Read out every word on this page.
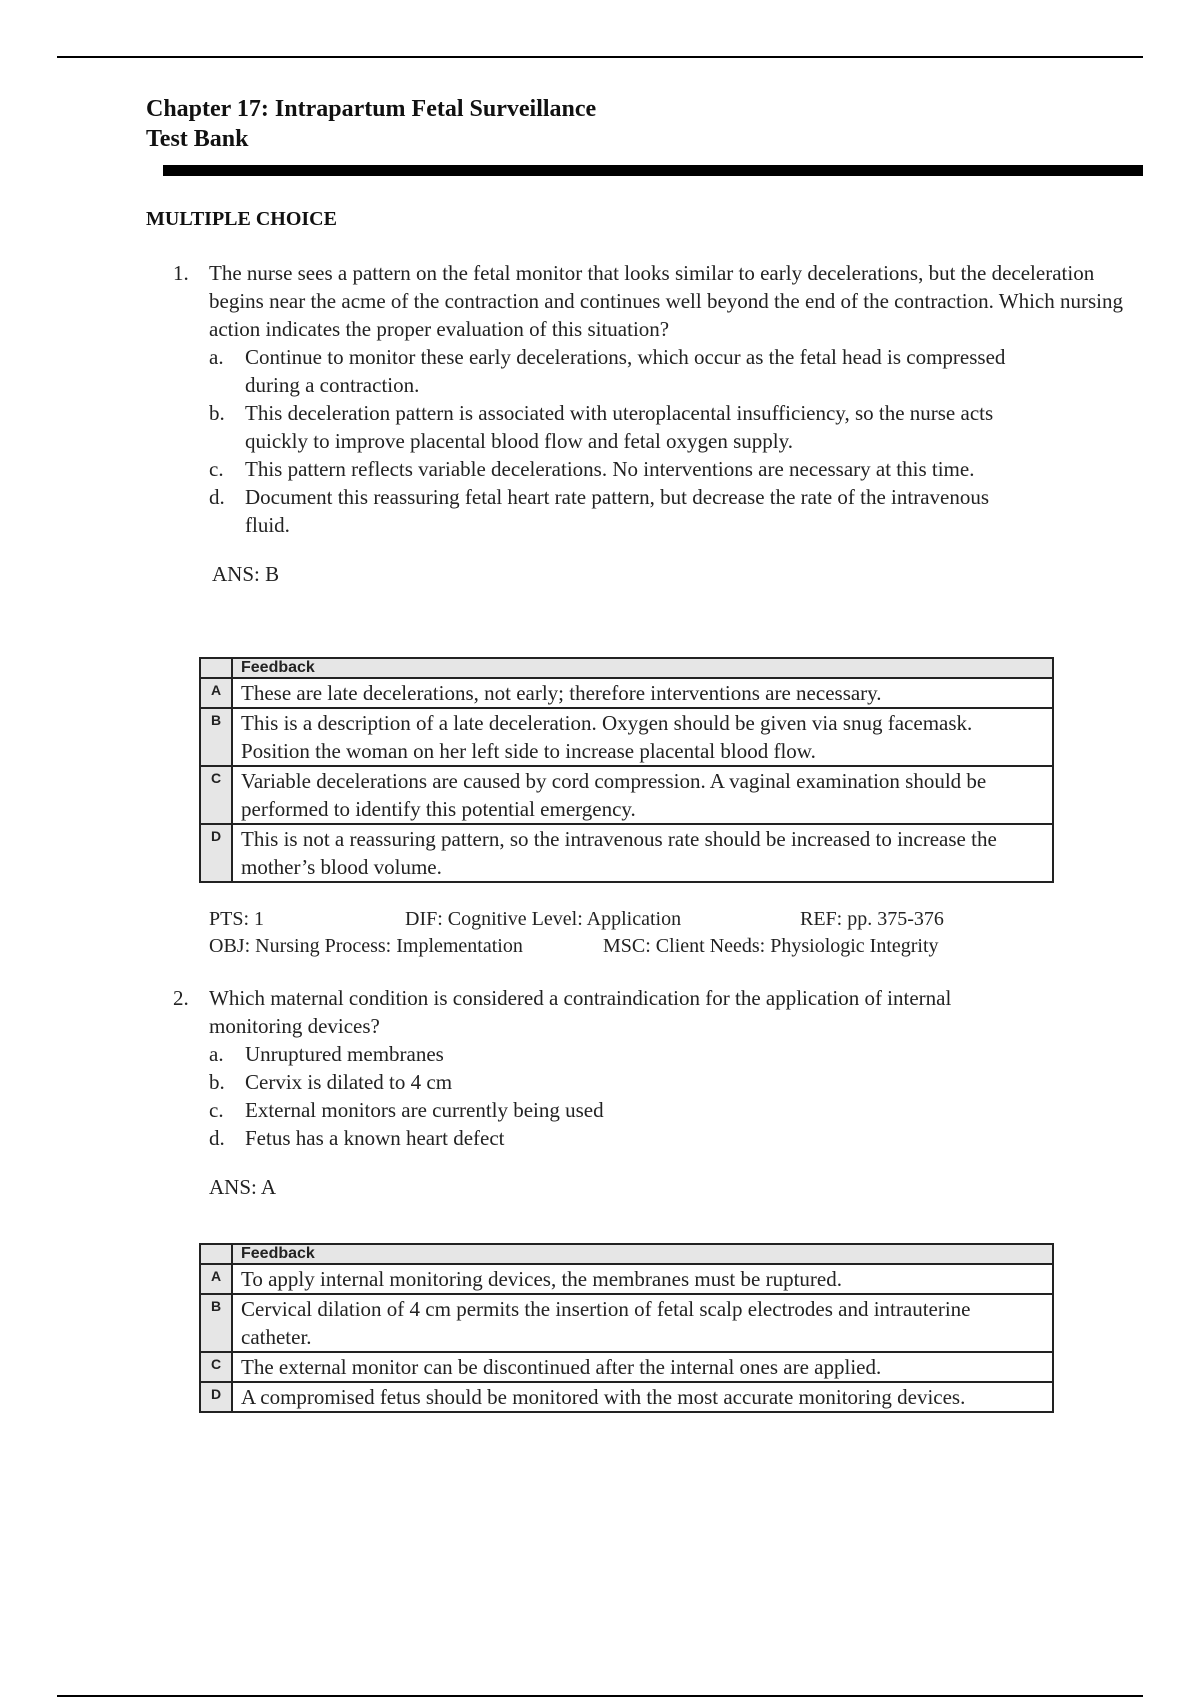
Chapter 17: Intrapartum Fetal Surveillance
Test Bank
MULTIPLE CHOICE
1. The nurse sees a pattern on the fetal monitor that looks similar to early decelerations, but the deceleration begins near the acme of the contraction and continues well beyond the end of the contraction. Which nursing action indicates the proper evaluation of this situation?
a. Continue to monitor these early decelerations, which occur as the fetal head is compressed during a contraction.
b. This deceleration pattern is associated with uteroplacental insufficiency, so the nurse acts quickly to improve placental blood flow and fetal oxygen supply.
c. This pattern reflects variable decelerations. No interventions are necessary at this time.
d. Document this reassuring fetal heart rate pattern, but decrease the rate of the intravenous fluid.
ANS: B
	Feedback
A	These are late decelerations, not early; therefore interventions are necessary.
B	This is a description of a late deceleration. Oxygen should be given via snug facemask. Position the woman on her left side to increase placental blood flow.
C	Variable decelerations are caused by cord compression. A vaginal examination should be performed to identify this potential emergency.
D	This is not a reassuring pattern, so the intravenous rate should be increased to increase the mother’s blood volume.
PTS: 1	DIF: Cognitive Level: Application	REF: pp. 375-376
OBJ: Nursing Process: Implementation	MSC: Client Needs: Physiologic Integrity
2. Which maternal condition is considered a contraindication for the application of internal monitoring devices?
a. Unruptured membranes
b. Cervix is dilated to 4 cm
c. External monitors are currently being used
d. Fetus has a known heart defect
ANS: A
	Feedback
A	To apply internal monitoring devices, the membranes must be ruptured.
B	Cervical dilation of 4 cm permits the insertion of fetal scalp electrodes and intrauterine catheter.
C	The external monitor can be discontinued after the internal ones are applied.
D	A compromised fetus should be monitored with the most accurate monitoring devices.
